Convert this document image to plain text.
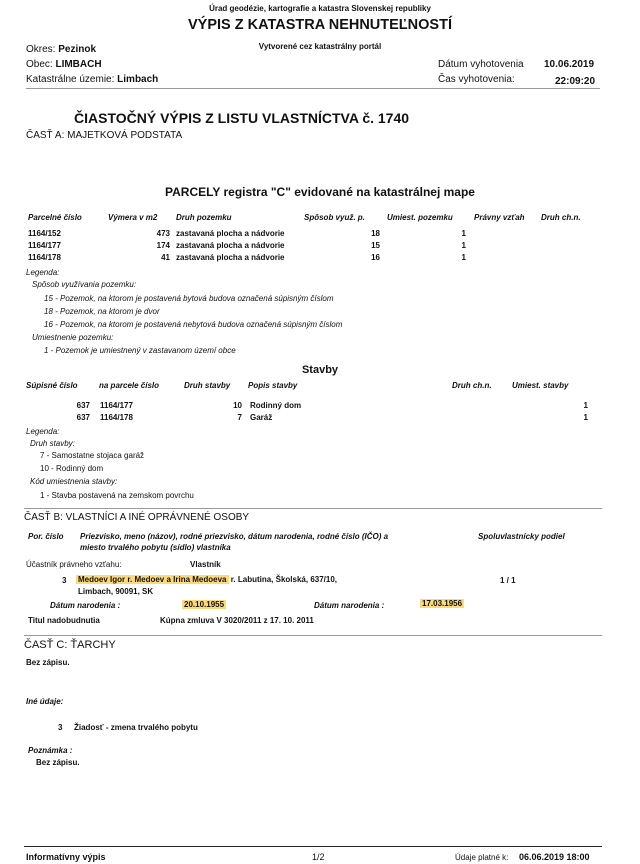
Úrad geodézie, kartografie a katastra Slovenskej republiky
VÝPIS Z KATASTRA NEHNUTEĽNOSTÍ
Vytvorené cez katastrálny portál
Okres: Pezinok
Obec: LIMBACH
Katastrálne územie: Limbach
Dátum vyhotovenia 10.06.2019
Čas vyhotovenia:	22:09:20
ČIASTOČNÝ VÝPIS Z LISTU VLASTNÍCTVA č. 1740
ČASŤ A: MAJETKOVÁ PODSTATA
PARCELY registra "C" evidované na katastrálnej mape
Parcelné číslo	Výmera v m2 Druh pozemku	Spôsob využ. p.	Umiest. pozemku	Právny vzťah Druh ch.n.
1164/152	473 zastavaná plocha a nádvorie	18	1
1164/177	174 zastavaná plocha a nádvorie	15	1
1164/178	41 zastavaná plocha a nádvorie	16	1
Legenda:
Spôsob využívania pozemku:
15 - Pozemok, na ktorom je postavená bytová budova označená súpisným číslom
18 - Pozemok, na ktorom je dvor
16 - Pozemok, na ktorom je postavená nebytová budova označená súpisným číslom
Umiestnenie pozemku:
1 - Pozemok je umiestnený v zastavanom území obce
Stavby
Súpisné číslo	na parcele číslo	Druh stavby Popis stavby	Druh ch.n.	Umiest. stavby
637 1164/177	10 Rodinný dom	1
637 1164/178	7 Garáž	1
Legenda:
Druh stavby:
7 - Samostatne stojaca garáž
10 - Rodinný dom
Kód umiestnenia stavby:
1 - Stavba postavená na zemskom povrchu
ČASŤ B: VLASTNÍCI A INÉ OPRÁVNENÉ OSOBY
Por. číslo Priezvisko, meno (názov), rodné priezvisko, dátum narodenia, rodné číslo (IČO) a
miesto trvalého pobytu (sídlo) vlastníka
Spoluvlastnícky podiel
Účastník právneho vzťahu:	Vlastník
3 Medoev Igor r. Medoev a Irina Medoeva r. Labutina, Školská, 637/10,
Limbach, 90091, SK
1 / 1
Dátum narodenia :	20.10.1955	Dátum narodenia :	17.03.1956
Titul nadobudnutia	Kúpna zmluva V 3020/2011 z 17. 10. 2011
ČASŤ C: ŤARCHY
Bez zápisu.
Iné údaje:
3 Žiadosť - zmena trvalého pobytu
Poznámka :
Bez zápisu.
Informatívny výpis	1/2	Údaje platné k: 06.06.2019 18:00
